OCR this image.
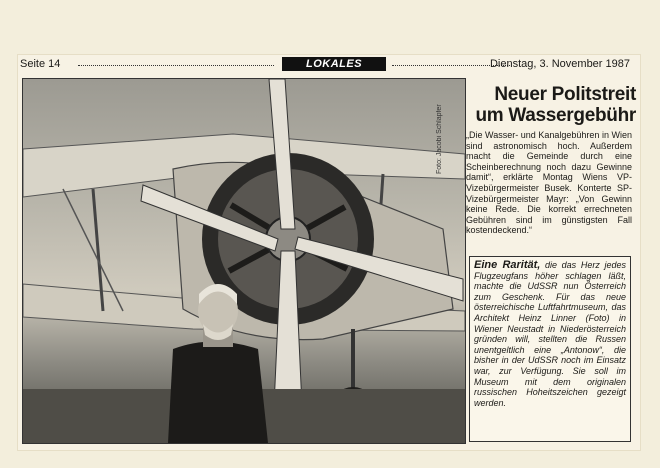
Seite 14	LOKALES	Dienstag, 3. November 1987
Foto: Jacobi Schlapfer
Neuer Politstreit
um Wassergebühr

„Die Wasser- und Kanalgebühren in Wien sind astronomisch hoch. Außerdem macht die Gemeinde durch eine Scheinberechnung noch dazu Gewinne damit“, erklärte Montag Wiens VP-Vizebürgermeister Busek. Konterte SP-Vizebürgermeister Mayr: „Von Gewinn keine Rede. Die korrekt errechneten Gebühren sind im günstigsten Fall kostendeckend.“

Eine Rarität, die das Herz jedes Flugzeugfans höher schlagen läßt, machte die UdSSR nun Österreich zum Geschenk. Für das neue österreichische Luftfahrtmuseum, das Architekt Heinz Linner (Foto) in Wiener Neustadt in Niederösterreich gründen will, stellten die Russen unentgeltlich eine „Antonow“, die bisher in der UdSSR noch im Einsatz war, zur Verfügung. Sie soll im Museum mit dem originalen russischen Hoheitszeichen gezeigt werden.
